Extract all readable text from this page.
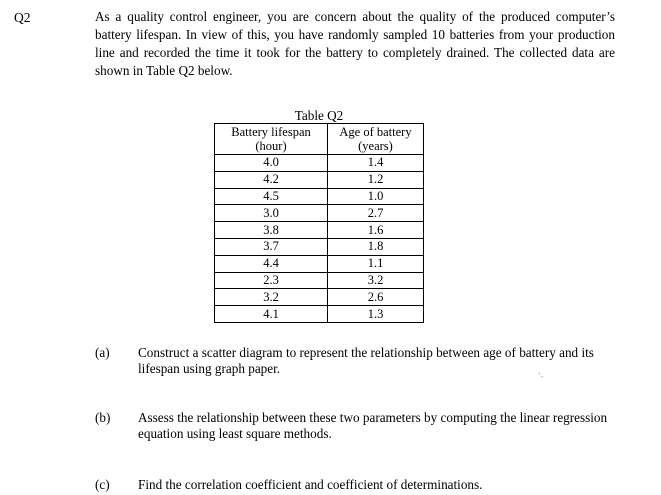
Q2	As a quality control engineer, you are concern about the quality of the produced computer’s battery lifespan. In view of this, you have randomly sampled 10 batteries from your production line and recorded the time it took for the battery to completely drained. The collected data are shown in Table Q2 below.
Table Q2
Battery lifespan (hour)	Age of battery (years)
4.0	1.4
4.2	1.2
4.5	1.0
3.0	2.7
3.8	1.6
3.7	1.8
4.4	1.1
2.3	3.2
3.2	2.6
4.1	1.3
(a) Construct a scatter diagram to represent the relationship between age of battery and its lifespan using graph paper.
'-
(b) Assess the relationship between these two parameters by computing the linear regression equation using least square methods.
(c) Find the correlation coefficient and coefficient of determinations.
